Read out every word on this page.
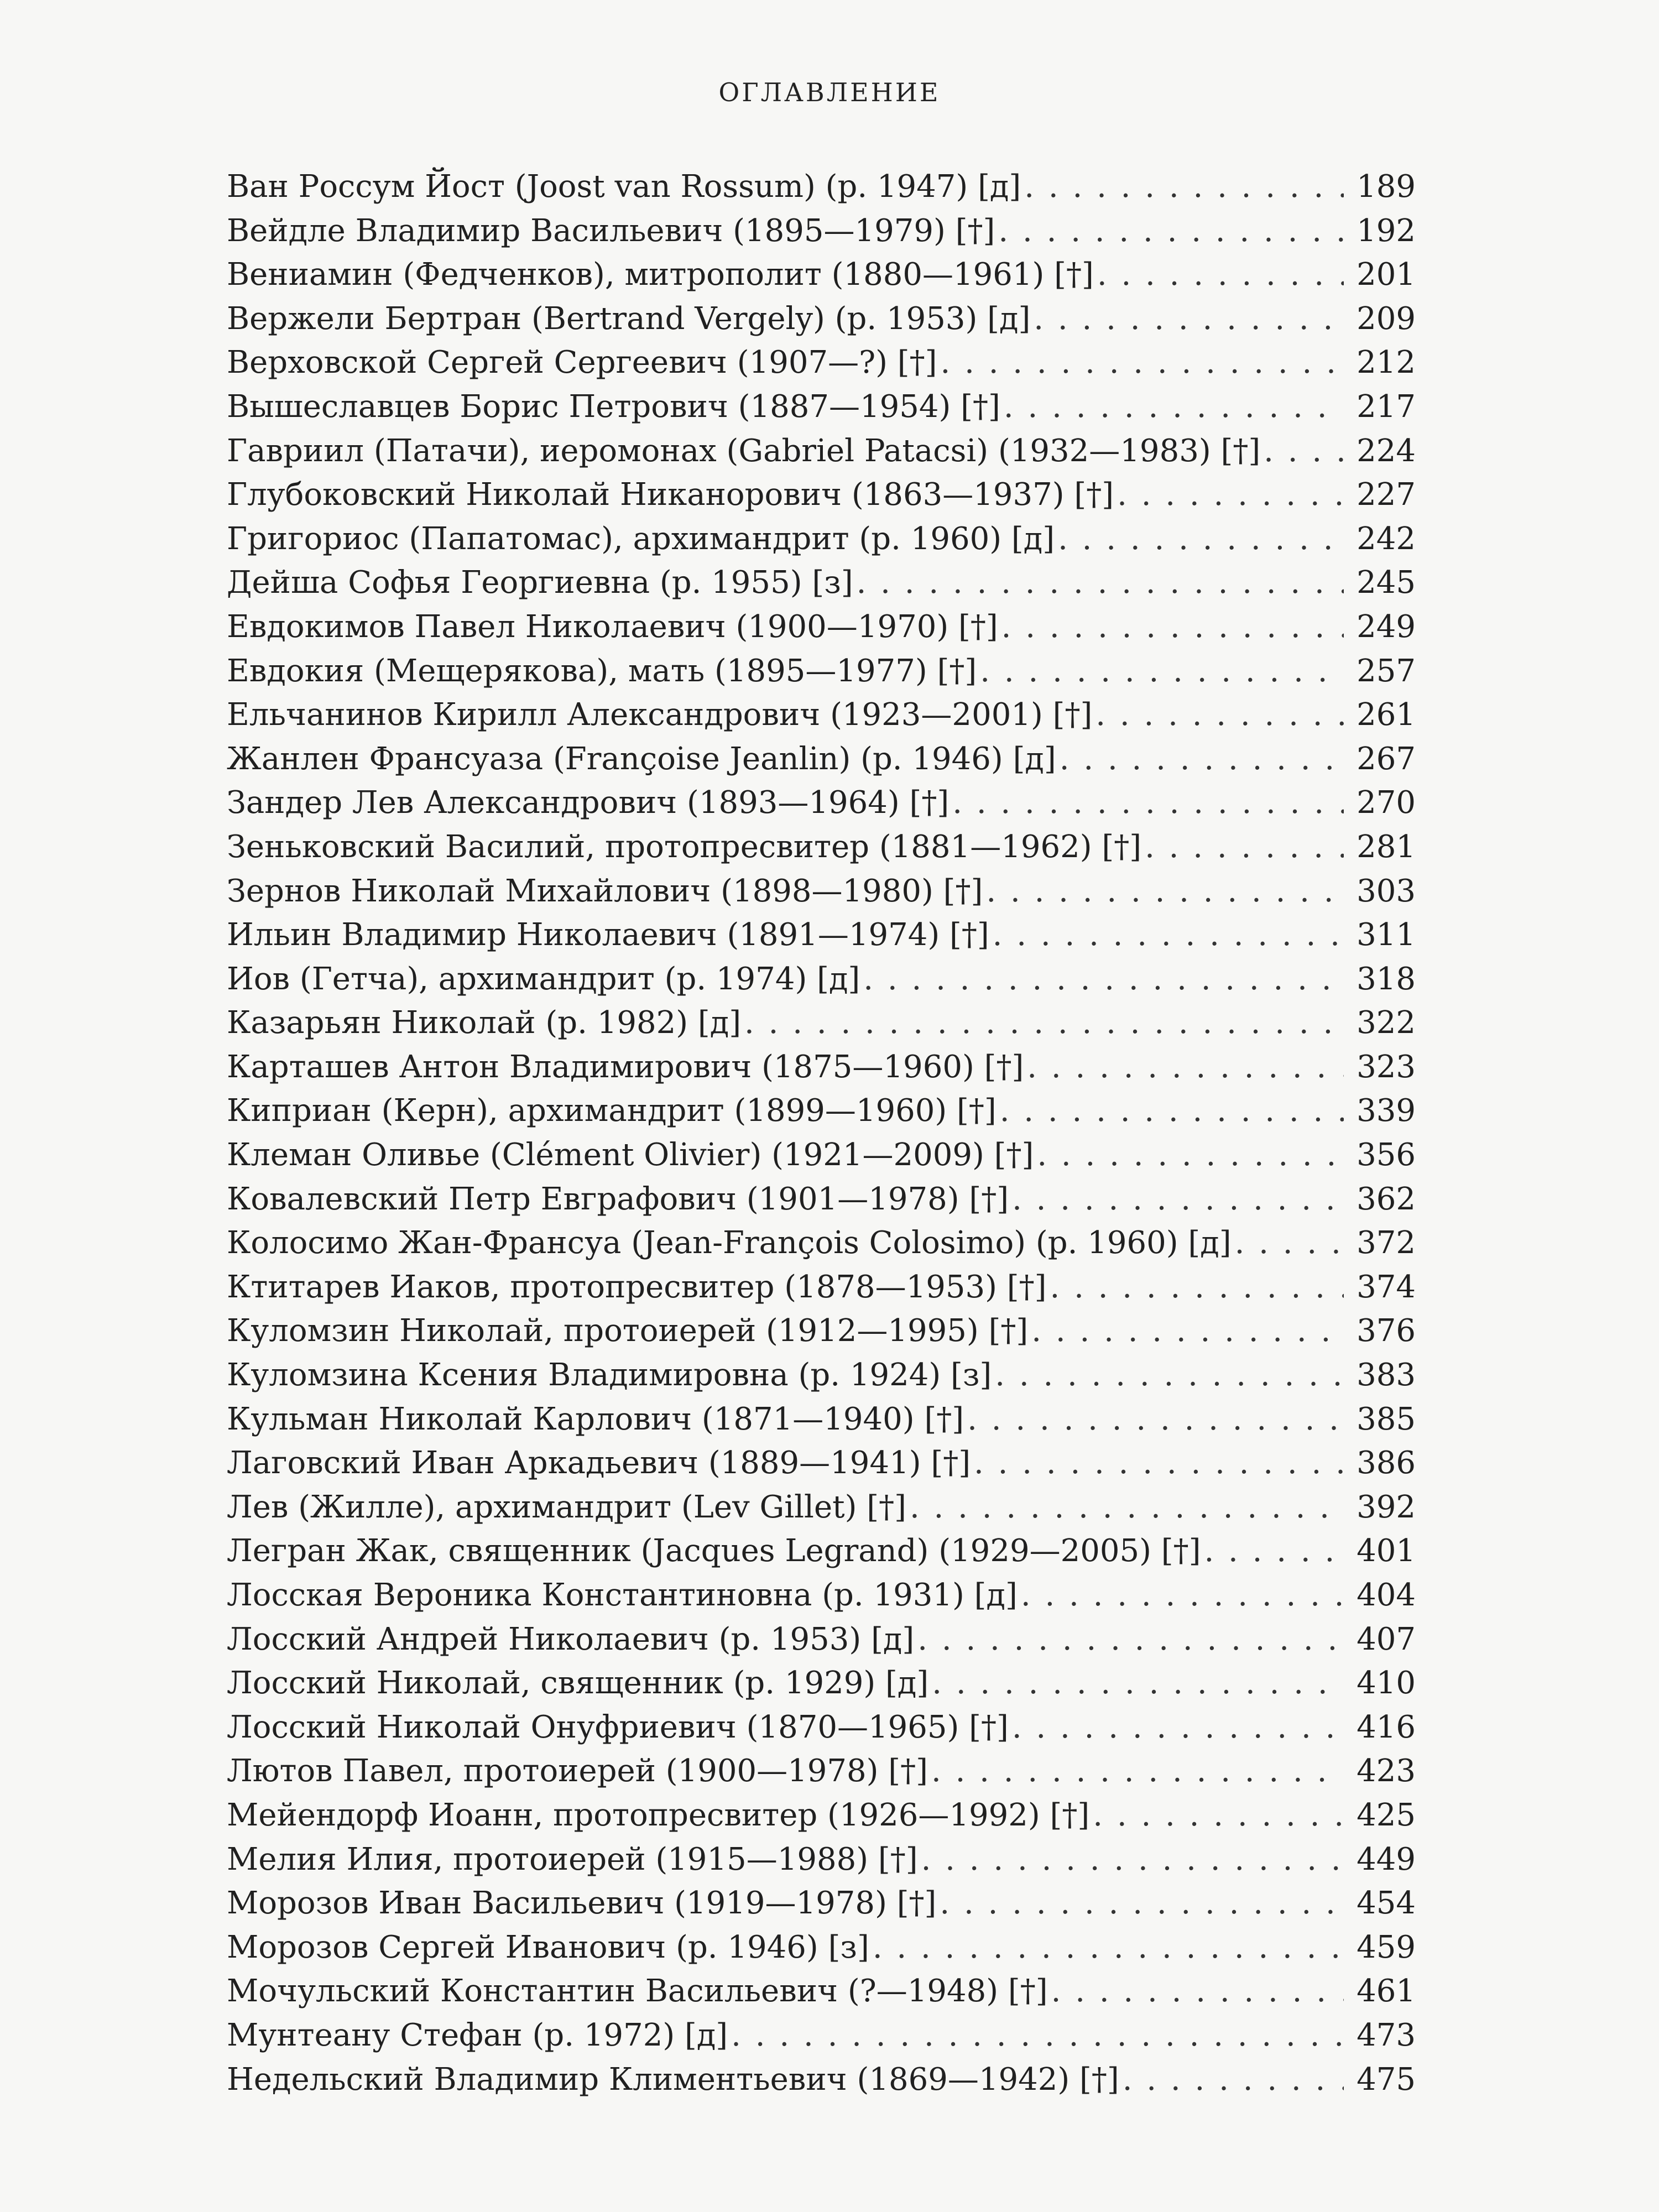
ОГЛАВЛЕНИЕ
Ван Россум Йост (Joost van Rossum) (р. 1947) [д] . . .	189
Вейдле Владимир Васильевич (1895—1979) [†] . . .	192
Вениамин (Федченков), митрополит (1880—1961) [†] . . .	201
Вержели Бертран (Bertrand Vergely) (р. 1953) [д] . . .	209
Верховской Сергей Сергеевич (1907—?) [†] . . .	212
Вышеславцев Борис Петрович (1887—1954) [†] . . .	217
Гавриил (Патачи), иеромонах (Gabriel Patacsi) (1932—1983) [†] . . .	224
Глубоковский Николай Никанорович (1863—1937) [†] . . .	227
Григориос (Папатомас), архимандрит (р. 1960) [д] . . .	242
Дейша Софья Георгиевна (р. 1955) [з] . . .	245
Евдокимов Павел Николаевич (1900—1970) [†] . . .	249
Евдокия (Мещерякова), мать (1895—1977) [†] . . .	257
Ельчанинов Кирилл Александрович (1923—2001) [†] . . .	261
Жанлен Франсуаза (Françoise Jeanlin) (р. 1946) [д] . . .	267
Зандер Лев Александрович (1893—1964) [†] . . .	270
Зеньковский Василий, протопресвитер (1881—1962) [†] . . .	281
Зернов Николай Михайлович (1898—1980) [†] . . .	303
Ильин Владимир Николаевич (1891—1974) [†] . . .	311
Иов (Гетча), архимандрит (р. 1974) [д] . . .	318
Казарьян Николай (р. 1982) [д] . . .	322
Карташев Антон Владимирович (1875—1960) [†] . . .	323
Киприан (Керн), архимандрит (1899—1960) [†] . . .	339
Клеман Оливье (Clément Olivier) (1921—2009) [†] . . .	356
Ковалевский Петр Евграфович (1901—1978) [†] . . .	362
Колосимо Жан-Франсуа (Jean-François Colosimo) (р. 1960) [д] . . .	372
Ктитарев Иаков, протопресвитер (1878—1953) [†] . . .	374
Куломзин Николай, протоиерей (1912—1995) [†] . . .	376
Куломзина Ксения Владимировна (р. 1924) [з] . . .	383
Кульман Николай Карлович (1871—1940) [†] . . .	385
Лаговский Иван Аркадьевич (1889—1941) [†] . . .	386
Лев (Жилле), архимандрит (Lev Gillet) [†] . . .	392
Легран Жак, священник (Jacques Legrand) (1929—2005) [†] . . .	401
Лосская Вероника Константиновна (р. 1931) [д] . . .	404
Лосский Андрей Николаевич (р. 1953) [д] . . .	407
Лосский Николай, священник (р. 1929) [д] . . .	410
Лосский Николай Онуфриевич (1870—1965) [†] . . .	416
Лютов Павел, протоиерей (1900—1978) [†] . . .	423
Мейендорф Иоанн, протопресвитер (1926—1992) [†] . . .	425
Мелия Илия, протоиерей (1915—1988) [†] . . .	449
Морозов Иван Васильевич (1919—1978) [†] . . .	454
Морозов Сергей Иванович (р. 1946) [з] . . .	459
Мочульский Константин Васильевич (?—1948) [†] . . .	461
Мунтеану Стефан (р. 1972) [д] . . .	473
Недельский Владимир Климентьевич (1869—1942) [†] . . .	475
